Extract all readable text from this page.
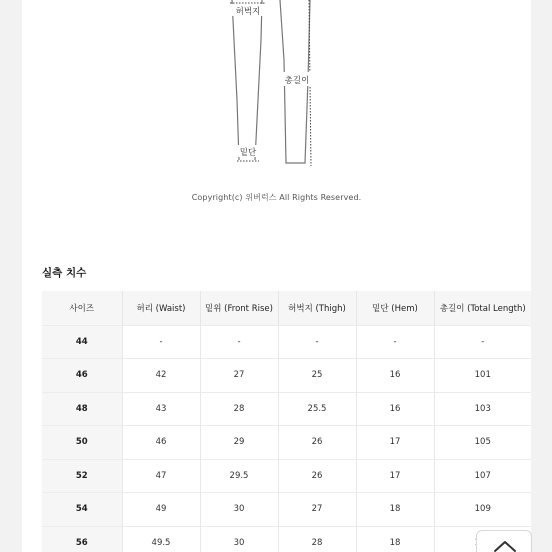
허벅지
밑단
총길이
Copyright(c) 위버럭스 All Rights Reserved.
실측 치수
사이즈	허리 (Waist)	밑위 (Front Rise)	허벅지 (Thigh)	밑단 (Hem)	총길이 (Total Length)
44	-	-	-	-	-
46	42	27	25	16	101
48	43	28	25.5	16	103
50	46	29	26	17	105
52	47	29.5	26	17	107
54	49	30	27	18	109
56	49.5	30	28	18	
